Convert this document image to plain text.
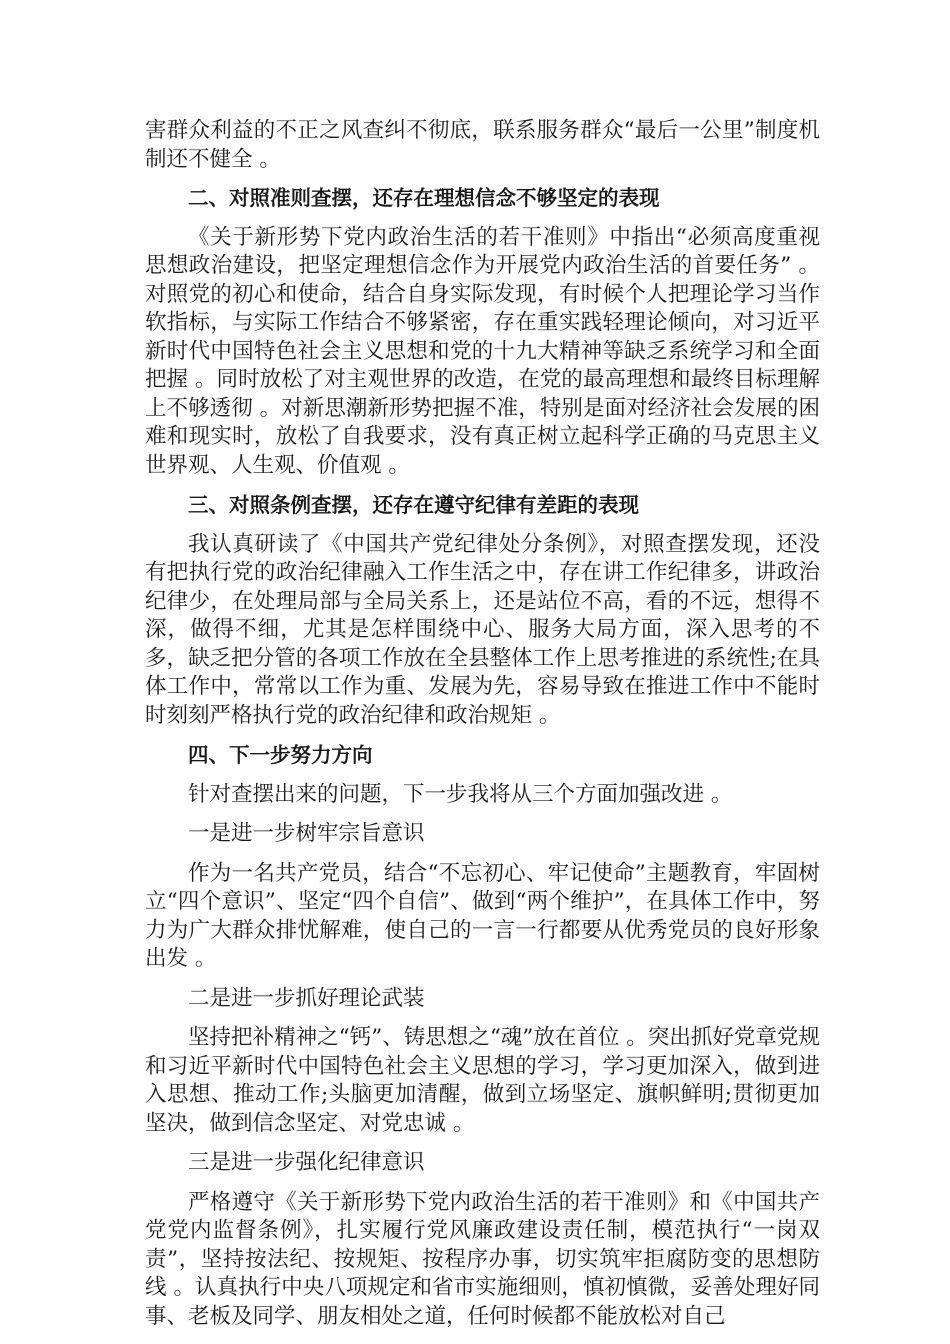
害群众利益的不正之风查纠不彻底，联系服务群众“最后一公里”制度机制还不健全 。

二、对照准则查摆，还存在理想信念不够坚定的表现

《关于新形势下党内政治生活的若干准则》中指出“必须高度重视思想政治建设，把坚定理想信念作为开展党内政治生活的首要任务” 。对照党的初心和使命，结合自身实际发现，有时候个人把理论学习当作软指标，与实际工作结合不够紧密，存在重实践轻理论倾向，对习近平新时代中国特色社会主义思想和党的十九大精神等缺乏系统学习和全面把握 。同时放松了对主观世界的改造，在党的最高理想和最终目标理解上不够透彻 。对新思潮新形势把握不准，特别是面对经济社会发展的困难和现实时，放松了自我要求，没有真正树立起科学正确的马克思主义世界观、人生观、价值观 。

三、对照条例查摆，还存在遵守纪律有差距的表现

我认真研读了《中国共产党纪律处分条例》，对照查摆发现，还没有把执行党的政治纪律融入工作生活之中，存在讲工作纪律多，讲政治纪律少，在处理局部与全局关系上，还是站位不高，看的不远，想得不深，做得不细，尤其是怎样围绕中心、服务大局方面，深入思考的不多，缺乏把分管的各项工作放在全县整体工作上思考推进的系统性;在具体工作中，常常以工作为重、发展为先，容易导致在推进工作中不能时时刻刻严格执行党的政治纪律和政治规矩 。

四、下一步努力方向

针对查摆出来的问题，下一步我将从三个方面加强改进 。

一是进一步树牢宗旨意识

作为一名共产党员，结合“不忘初心、牢记使命”主题教育，牢固树立“四个意识”、坚定“四个自信”、做到“两个维护”，在具体工作中，努力为广大群众排忧解难，使自己的一言一行都要从优秀党员的良好形象出发 。

二是进一步抓好理论武装

坚持把补精神之“钙”、铸思想之“魂”放在首位 。突出抓好党章党规和习近平新时代中国特色社会主义思想的学习，学习更加深入，做到进入思想、推动工作;头脑更加清醒，做到立场坚定、旗帜鲜明;贯彻更加坚决，做到信念坚定、对党忠诚 。

三是进一步强化纪律意识

严格遵守《关于新形势下党内政治生活的若干准则》和《中国共产党党内监督条例》，扎实履行党风廉政建设责任制，模范执行“一岗双责”，坚持按法纪、按规矩、按程序办事，切实筑牢拒腐防变的思想防线 。认真执行中央八项规定和省市实施细则，慎初慎微，妥善处理好同事、老板及同学、朋友相处之道，任何时候都不能放松对自己
